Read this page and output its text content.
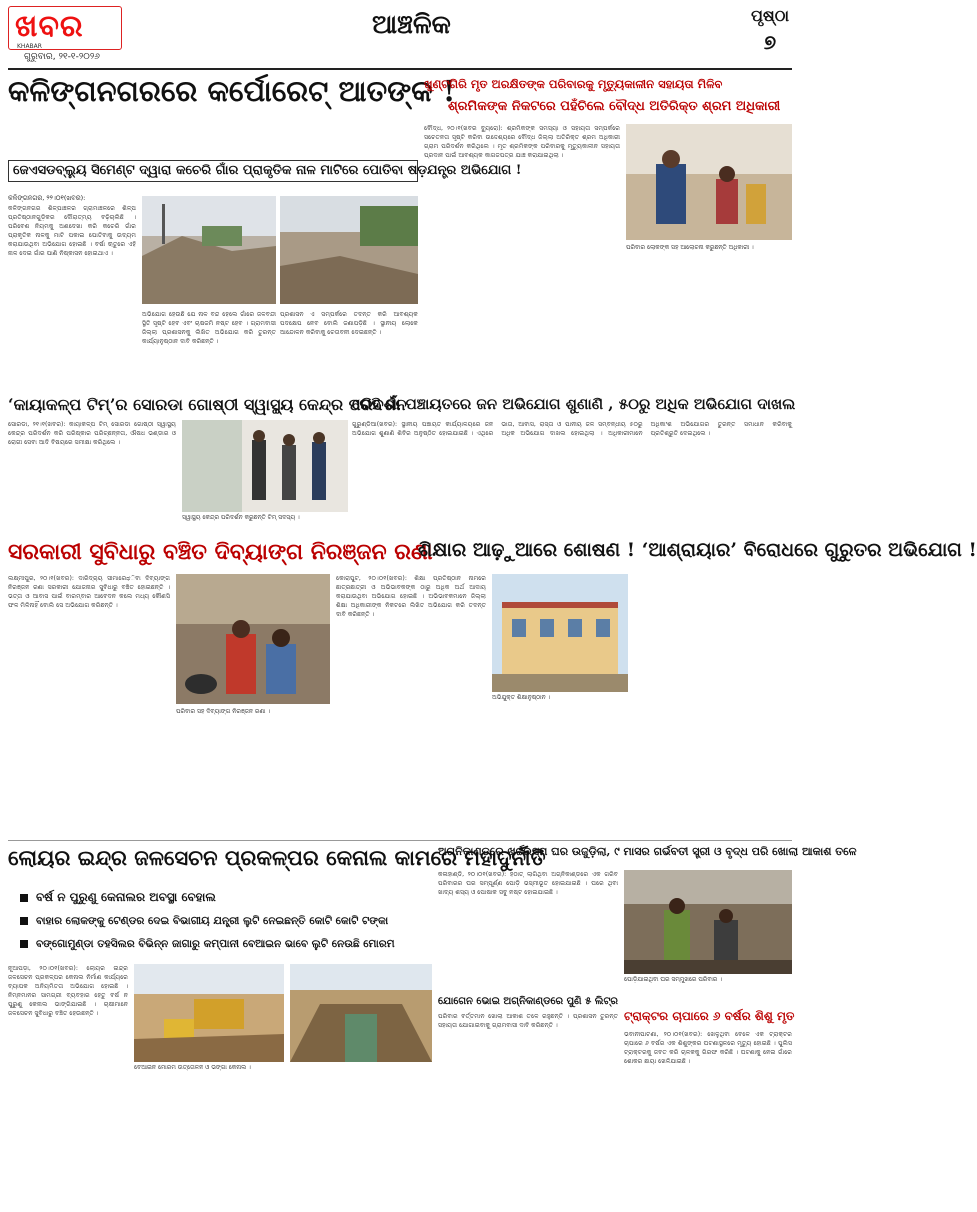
ଖବର
KHABAR
ଗୁରୁବାର, ୨୧-୧-୨୦୨୬
ଆଞ୍ଚଳିକ	ପୃଷ୍ଠା
୭
କଳିଙ୍ଗନଗରରେ କର୍ପୋରେଟ୍ ଆତଙ୍କ !
ଜେଏସଡବ୍ଲ୍ୟୁ ସିମେଣ୍ଟ ଦ୍ୱାରା କଚେରି ଗାଁର ପ୍ରାକୃତିକ ନାଳ ମାଟିରେ ପୋତିବା ଷଡ଼ଯନ୍ତ୍ର ଅଭିଯୋଗ !
କଳିଙ୍ଗନଗର, ୨୨।୦୧(ଖବର):
କଳିଙ୍ଗନଗର ଶିଳ୍ପାଞ୍ଚଳର ଗ୍ରାମାଞ୍ଚଳରେ ଶିଳ୍ପ ପ୍ରତିଷ୍ଠାନଗୁଡ଼ିକର ଦୌରାତ୍ମ୍ୟ ବଢ଼ିଚାଲିଛି । ପରିବେଶ ନିୟମକୁ ଅଣଦେଖା କରି କଚେରି ଗାଁର ପ୍ରାକୃତିକ ନାଳକୁ ମାଟି ପକାଇ ପୋତିବାକୁ ଉଦ୍ୟମ କରାଯାଉଥିବା ଅଭିଯୋଗ ହୋଇଛି । ବର୍ଷା ଋତୁରେ ଏହି ନାଳ ଦେଇ ଗାଁର ପାଣି ନିଷ୍କାସନ ହୋଇଥାଏ ।
ଅଭିଯୋଗ ହେଉଛି ଯେ ନାଳ ବନ୍ଦ ହେଲେ ଗାଁରେ ଜଳବନ୍ଦୀ ସ୍ଥିତି ସୃଷ୍ଟି ହେବ ଏବଂ ଚାଷଜମି ନଷ୍ଟ ହେବ । ଗ୍ରାମବାସୀ ଜିଲ୍ଲା ପ୍ରଶାସନକୁ ଲିଖିତ ଅଭିଯୋଗ କରି ତୁରନ୍ତ କାର୍ଯ୍ୟାନୁଷ୍ଠାନ ଦାବି କରିଛନ୍ତି ।
ପ୍ରଶାସନ ଏ ସମ୍ପର୍କରେ ତଦନ୍ତ କରି ଆବଶ୍ୟକ ପଦକ୍ଷେପ ନେବ ବୋଲି ଜଣାପଡ଼ିଛି । ସ୍ଥାନୀୟ ଲୋକେ ଆନ୍ଦୋଳନ କରିବାକୁ ଚେତାବନୀ ଦେଇଛନ୍ତି ।
ଖୁଣ୍ଟଗିରି ମୃତ ଅରକ୍ଷିତଙ୍କ ପରିବାରକୁ ମୃତ୍ୟୁକାଳୀନ ସହାୟତା ମିଳିବ
ଶ୍ରମିକଙ୍କ ନିକଟରେ ପହଁଚିଲେ ବୌଦ୍ଧ ଅତିରିକ୍ତ ଶ୍ରମ ଅଧିକାରୀ
ବୌଦ୍ଧ, ୨୦।୧(ଖବର ବ୍ୟୁରୋ): ଶ୍ରମିକଙ୍କ ସମସ୍ୟା ଓ ସହାୟତା ସମ୍ପର୍କରେ ସଚେତନତା ସୃଷ୍ଟି କରିବା ଉଦ୍ଦେଶ୍ୟରେ ବୌଦ୍ଧ ଜିଲ୍ଲା ଅତିରିକ୍ତ ଶ୍ରମ ଅଧିକାରୀ ଗ୍ରାମ ପରିଦର୍ଶନ କରିଥିଲେ । ମୃତ ଶ୍ରମିକଙ୍କ ପରିବାରକୁ ମୃତ୍ୟୁକାଳୀନ ସହାୟତା ପ୍ରଦାନ ପାଇଁ ଆବଶ୍ୟକ କାଗଜପତ୍ର ଯାଞ୍ଚ କରାଯାଇଥିଲା ।
ପରିବାର ଲୋକଙ୍କ ସହ ଆଲୋଚନା କରୁଛନ୍ତି ଅଧିକାରୀ ।
‘କାୟାକଳ୍ପ ଟିମ୍’ର ସୋରଡା ଗୋଷ୍ଠୀ ସ୍ୱାସ୍ଥ୍ୟ କେନ୍ଦ୍ର ପରିଦର୍ଶନ
ସୋରଡା, ୨୧।୧(ଖବର): କାୟାକଳ୍ପ ଟିମ୍ ସୋରଡା ଗୋଷ୍ଠୀ ସ୍ୱାସ୍ଥ୍ୟ କେନ୍ଦ୍ର ପରିଦର୍ଶନ କରି ପରିଷ୍କାର ପରିଚ୍ଛନ୍ନତା, ଔଷଧ ଭଣ୍ଡାର ଓ ରୋଗୀ ସେବା ଆଦି ବିଷୟରେ ସମୀକ୍ଷା କରିଥିଲେ ।
ସ୍ୱାସ୍ଥ୍ୟ କେନ୍ଦ୍ର ପରିଦର୍ଶନ କରୁଛନ୍ତି ଟିମ୍ ସଦସ୍ୟ ।
ରୋହି ଗାଁ ପଞ୍ଚାୟତରେ ଜନ ଅଭିଯୋଗ ଶୁଣାଣି , ୫୦ରୁ ଅଧିକ ଅଭିଯୋଗ ଦାଖଲ
ଗୁରୁଣ୍ଡିଆ(ଖବର): ସ୍ଥାନୀୟ ପଞ୍ଚାୟତ କାର୍ଯ୍ୟାଳୟରେ ଜନ ଅଭିଯୋଗ ଶୁଣାଣି ଶିବିର ଅନୁଷ୍ଠିତ ହୋଇଯାଇଛି । ଏଥିରେ ଭାତା, ଆବାସ, ରାସ୍ତା ଓ ପାନୀୟ ଜଳ ସମ୍ବନ୍ଧୀୟ ୫୦ରୁ ଅଧିକ ଅଭିଯୋଗ ଦାଖଲ ହୋଇଥିଲା । ଅଧିକାରୀମାନେ ଅଧିକାଂଶ ଅଭିଯୋଗର ତୁରନ୍ତ ସମାଧାନ କରିବାକୁ ପ୍ରତିଶ୍ରୁତି ଦେଇଥିଲେ ।
ସରକାରୀ ସୁବିଧାରୁ ବଞ୍ଚିତ ଦିବ୍ୟାଙ୍ଗ ନିରଞ୍ଜନ ରଣା
ଲକ୍ଷ୍ମୀପୁର, ୨୦।୧(ଖବର): ଦାରିଦ୍ର୍ୟ ସୀମାରେಥିବା ଦିବ୍ୟାଙ୍ଗ ନିରଞ୍ଜନ ରଣା ସରକାରୀ ଯୋଜନାର ସୁବିଧାରୁ ବଞ୍ଚିତ ହୋଇଛନ୍ତି । ଭତ୍ତା ଓ ଆବାସ ପାଇଁ ବାରମ୍ବାର ଆବେଦନ କଲେ ମଧ୍ୟ କୌଣସି ଫଳ ମିଳିନାହିଁ ବୋଲି ସେ ଅଭିଯୋଗ କରିଛନ୍ତି ।
ପରିବାର ସହ ଦିବ୍ୟାଙ୍ଗ ନିରଞ୍ଜନ ରଣା ।
ଶିକ୍ଷାର ଆଢ଼ୁଆରେ ଶୋଷଣ ! ‘ଆଶ୍ରାୟାର’ ବିରୋଧରେ ଗୁରୁତର ଅଭିଯୋଗ !
କୋରାପୁଟ, ୨୦।୦୧(ଖବର): ଶିକ୍ଷା ପ୍ରତିଷ୍ଠାନ ନାମରେ ଛାତ୍ରଛାତ୍ରୀ ଓ ଅଭିଭାବକଙ୍କ ଠାରୁ ଅଧିକ ଅର୍ଥ ଆଦାୟ କରାଯାଉଥିବା ଅଭିଯୋଗ ହୋଇଛି । ଅଭିଭାବକମାନେ ଜିଲ୍ଲା ଶିକ୍ଷା ଅଧିକାରୀଙ୍କ ନିକଟରେ ଲିଖିତ ଅଭିଯୋଗ କରି ତଦନ୍ତ ଦାବି କରିଛନ୍ତି ।
ଅଭିଯୁକ୍ତ ଶିକ୍ଷାନୁଷ୍ଠାନ ।
ଲୋୟର ଇନ୍ଦ୍ର ଜଳସେଚନ ପ୍ରକଳ୍ପର କେନାଲ କାମରେ ମହାଦୁର୍ନୀତି
ବର୍ଷ ନ ପୁରୁଣୁ କେନାଲର ଅବସ୍ଥା ବେହାଲ
ବାହାର ଲୋକଙ୍କୁ ଟେଣ୍ଡର ଦେଇ ବିଭାଗୀୟ ଯନ୍ତ୍ରୀ ଲୁଟି ନେଇଛନ୍ତି କୋଟି କୋଟି ଟଙ୍କା
ବଙ୍ଗୋମୁଣ୍ଡା ତହସିଲର ବିଭିନ୍ନ ଜାଗାରୁ କମ୍ପାନୀ ବେଆଇନ ଭାବେ ଲୁଟି ନେଉଛି ମୋରମ
ନୂଆପଡ଼ା, ୨୦।୦୧(ଖବର): ଲୋୟର ଇନ୍ଦ୍ର ଜଳସେଚନ ପ୍ରକଳ୍ପର କେନାଲ ନିର୍ମାଣ କାର୍ଯ୍ୟରେ ବ୍ୟାପକ ଅନିୟମିତତା ଅଭିଯୋଗ ହୋଇଛି । ନିମ୍ନମାନର ସାମଗ୍ରୀ ବ୍ୟବହାର ହେତୁ ବର୍ଷ ନ ପୁରୁଣୁ କେନାଲ ଭାଙ୍ଗିଯାଇଛି । ଚାଷୀମାନେ ଜଳସେଚନ ସୁବିଧାରୁ ବଞ୍ଚିତ ହେଉଛନ୍ତି ।
ବେଆଇନ ମୋରମ ଉତ୍ତୋଳନ ଓ ଭଙ୍ଗା କେନାଲ ।
ଅଗ୍ନିକାଣ୍ଡରେ ଖର୍ଚ୍ଚଭସ୍ମ ଘର ଉଜୁଡ଼ିଲା, ୯ ମାସର ଗର୍ଭବତୀ ସ୍ତ୍ରୀ ଓ ବୃଦ୍ଧ ପରି ଖୋଲା ଆକାଶ ତଳେ
କଳାହାଣ୍ଡି, ୨୦।୦୧(ଖବର): ହଠାତ୍ ଲାଗିଥିବା ଅଗ୍ନିକାଣ୍ଡରେ ଏକ ଗରିବ ପରିବାରର ଘର ସମ୍ପୂର୍ଣ୍ଣ ପୋଡ଼ି ଭସ୍ମୀଭୂତ ହୋଇଯାଇଛି । ଘରେ ଥିବା ଖାଦ୍ୟ ଶସ୍ୟ ଓ ପୋଷାକ ସବୁ ନଷ୍ଟ ହୋଇଯାଇଛି ।
ଯୋଗେନ ଭୋଇ ଅଗ୍ନିକାଣ୍ଡରେ ପୁଣି ୫ ଲିଟ୍ର
ପରିବାର ବର୍ତ୍ତମାନ ଖୋଲା ଆକାଶ ତଳେ ରହୁଛନ୍ତି । ପ୍ରଶାସନ ତୁରନ୍ତ ସହାୟତା ଯୋଗାଇବାକୁ ଗ୍ରାମବାସୀ ଦାବି କରିଛନ୍ତି ।
ପୋଡ଼ିଯାଇଥିବା ଘର ସମ୍ମୁଖରେ ପରିବାର ।
ଟ୍ରାକ୍ଟର ଚାପାରେ ୬ ବର୍ଷର ଶିଶୁ ମୃତ
ଭବାନୀପାଟଣା, ୨୦।୦୧(ଖବର): ଖେଳୁଥିବା ବେଳେ ଏକ ଟ୍ରାକ୍ଟର ଚାପାରେ ୬ ବର୍ଷର ଏକ ଶିଶୁଙ୍କର ଘଟଣାସ୍ଥଳରେ ମୃତ୍ୟୁ ହୋଇଛି । ପୁଲିସ ଟ୍ରାକ୍ଟରକୁ ଜବତ କରି ଚାଳକକୁ ଗିରଫ କରିଛି । ଘଟଣାକୁ ନେଇ ଗାଁରେ ଶୋକର ଛାୟା ଖେଳିଯାଇଛି ।
